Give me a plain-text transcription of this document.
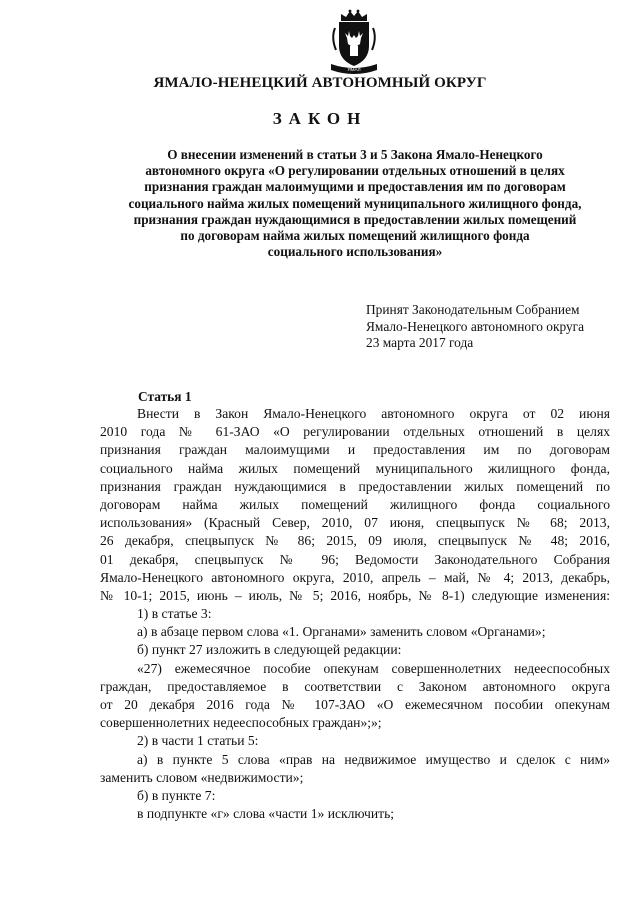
ЯМАЛ
ЯМАЛО-НЕНЕЦКИЙ АВТОНОМНЫЙ ОКРУГ
ЗАКОН
О внесении изменений в статьи 3 и 5 Закона Ямало-Ненецкого
автономного округа «О регулировании отдельных отношений в целях
признания граждан малоимущими и предоставления им по договорам
социального найма жилых помещений муниципального жилищного фонда,
признания граждан нуждающимися в предоставлении жилых помещений
по договорам найма жилых помещений жилищного фонда
социального использования»
Принят Законодательным Собранием
Ямало-Ненецкого автономного округа
23 марта 2017 года
Статья 1
Внести в Закон Ямало-Ненецкого автономного округа от 02 июня
2010 года № 61-ЗАО «О регулировании отдельных отношений в целях
признания граждан малоимущими и предоставления им по договорам
социального найма жилых помещений муниципального жилищного фонда,
признания граждан нуждающимися в предоставлении жилых помещений по
договорам найма жилых помещений жилищного фонда социального
использования» (Красный Север, 2010, 07 июня, спецвыпуск № 68; 2013,
26 декабря, спецвыпуск № 86; 2015, 09 июля, спецвыпуск № 48; 2016,
01 декабря, спецвыпуск № 96; Ведомости Законодательного Собрания
Ямало-Ненецкого автономного округа, 2010, апрель – май, № 4; 2013, декабрь,
№ 10-1; 2015, июнь – июль, № 5; 2016, ноябрь, № 8-1) следующие изменения:
1) в статье 3:
а) в абзаце первом слова «1. Органами» заменить словом «Органами»;
б) пункт 27 изложить в следующей редакции:
«27) ежемесячное пособие опекунам совершеннолетних недееспособных
граждан, предоставляемое в соответствии с Законом автономного округа
от 20 декабря 2016 года № 107-ЗАО «О ежемесячном пособии опекунам
совершеннолетних недееспособных граждан»;»;
2) в части 1 статьи 5:
а) в пункте 5 слова «прав на недвижимое имущество и сделок с ним»
заменить словом «недвижимости»;
б) в пункте 7:
в подпункте «г» слова «части 1» исключить;
